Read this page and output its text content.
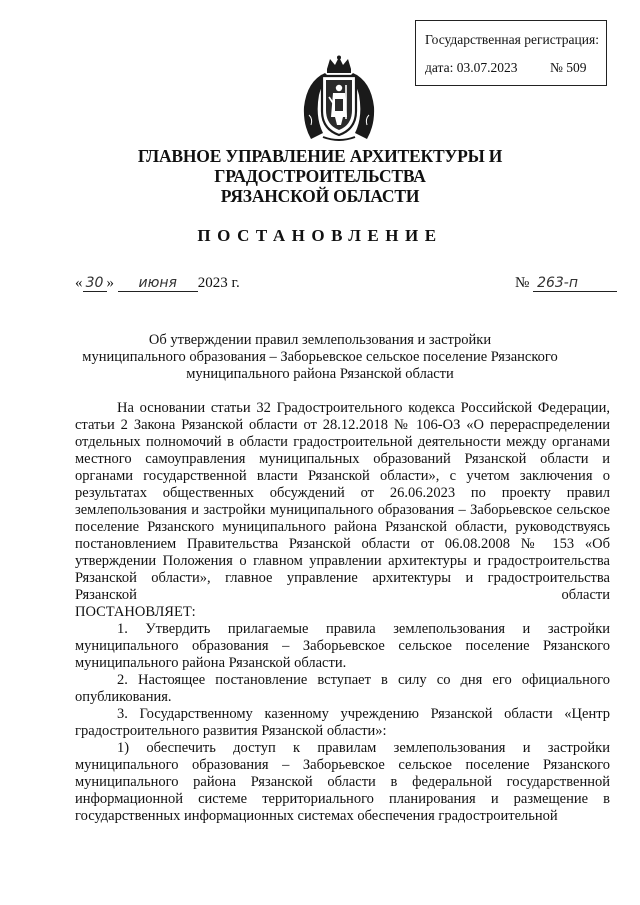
Государственная регистрация:
дата: 03.07.2023 № 509
ГЛАВНОЕ УПРАВЛЕНИЕ АРХИТЕКТУРЫ И ГРАДОСТРОИТЕЛЬСТВА
РЯЗАНСКОЙ ОБЛАСТИ
ПОСТАНОВЛЕНИЕ
« 30 » июня 2023 г.	№ 263-п
Об утверждении правил землепользования и застройки
муниципального образования – Заборьевское сельское поселение Рязанского
муниципального района Рязанской области

На основании статьи 32 Градостроительного кодекса Российской Федерации, статьи 2 Закона Рязанской области от 28.12.2018 № 106-ОЗ «О перераспределении отдельных полномочий в области градостроительной деятельности между органами местного самоуправления муниципальных образований Рязанской области и органами государственной власти Рязанской области», с учетом заключения о результатах общественных обсуждений от 26.06.2023 по проекту правил землепользования и застройки муниципального образования – Заборьевское сельское поселение Рязанского муниципального района Рязанской области, руководствуясь постановлением Правительства Рязанской области от 06.08.2008 № 153 «Об утверждении Положения о главном управлении архитектуры и градостроительства Рязанской области», главное управление архитектуры и градостроительства Рязанской области

ПОСТАНОВЛЯЕТ:

1. Утвердить прилагаемые правила землепользования и застройки муниципального образования – Заборьевское сельское поселение Рязанского муниципального района Рязанской области.

2. Настоящее постановление вступает в силу со дня его официального опубликования.

3. Государственному казенному учреждению Рязанской области «Центр градостроительного развития Рязанской области»:

1) обеспечить доступ к правилам землепользования и застройки муниципального образования – Заборьевское сельское поселение Рязанского муниципального района Рязанской области в федеральной государственной информационной системе территориального планирования и размещение в государственных информационных системах обеспечения градостроительной
